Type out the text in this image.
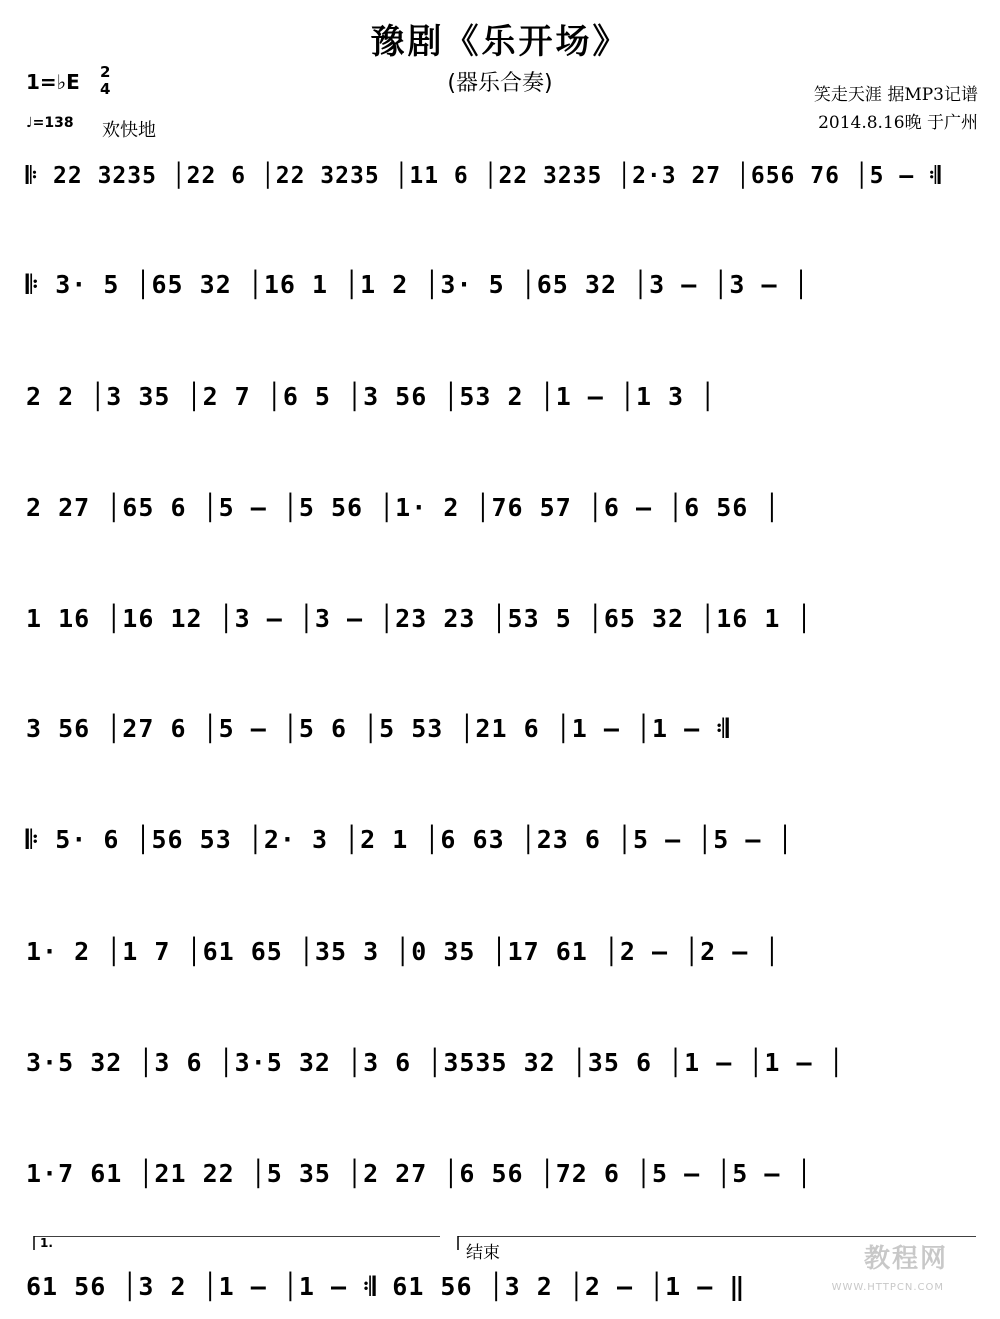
豫剧《乐开场》
(器乐合奏)
1=♭E 2
4
♩=138 欢快地
笑走天涯 据MP3记谱
2014.8.16晚 于广州
𝄆 22 3235 │22 6 │22 3235 │11 6 │22 3235 │2·3 27 │656 76 │5 – 𝄇
𝄆 3· 5 │65 32 │16 1 │1 2 │3· 5 │65 32 │3 – │3 – │
2 2 │3 35 │2 7 │6 5 │3 56 │53 2 │1 – │1 3 │
2 27 │65 6 │5 – │5 56 │1· 2 │76 57 │6 – │6 56 │
1 16 │16 12 │3 – │3 – │23 23 │53 5 │65 32 │16 1 │
3 56 │27 6 │5 – │5 6 │5 53 │21 6 │1 – │1 – 𝄇
𝄆 5· 6 │56 53 │2· 3 │2 1 │6 63 │23 6 │5 – │5 – │
1· 2 │1 7 │61 65 │35 3 │0 35 │17 61 │2 – │2 – │
3·5 32 │3 6 │3·5 32 │3 6 │3535 32 │35 6 │1 – │1 – │
1·7 61 │21 22 │5 35 │2 27 │6 56 │72 6 │5 – │5 – │
1.	结束
61 56 │3 2 │1 – │1 – 𝄇 61 56 │3 2 │2 – │1 – ‖
教程网
WWW.HTTPCN.COM
